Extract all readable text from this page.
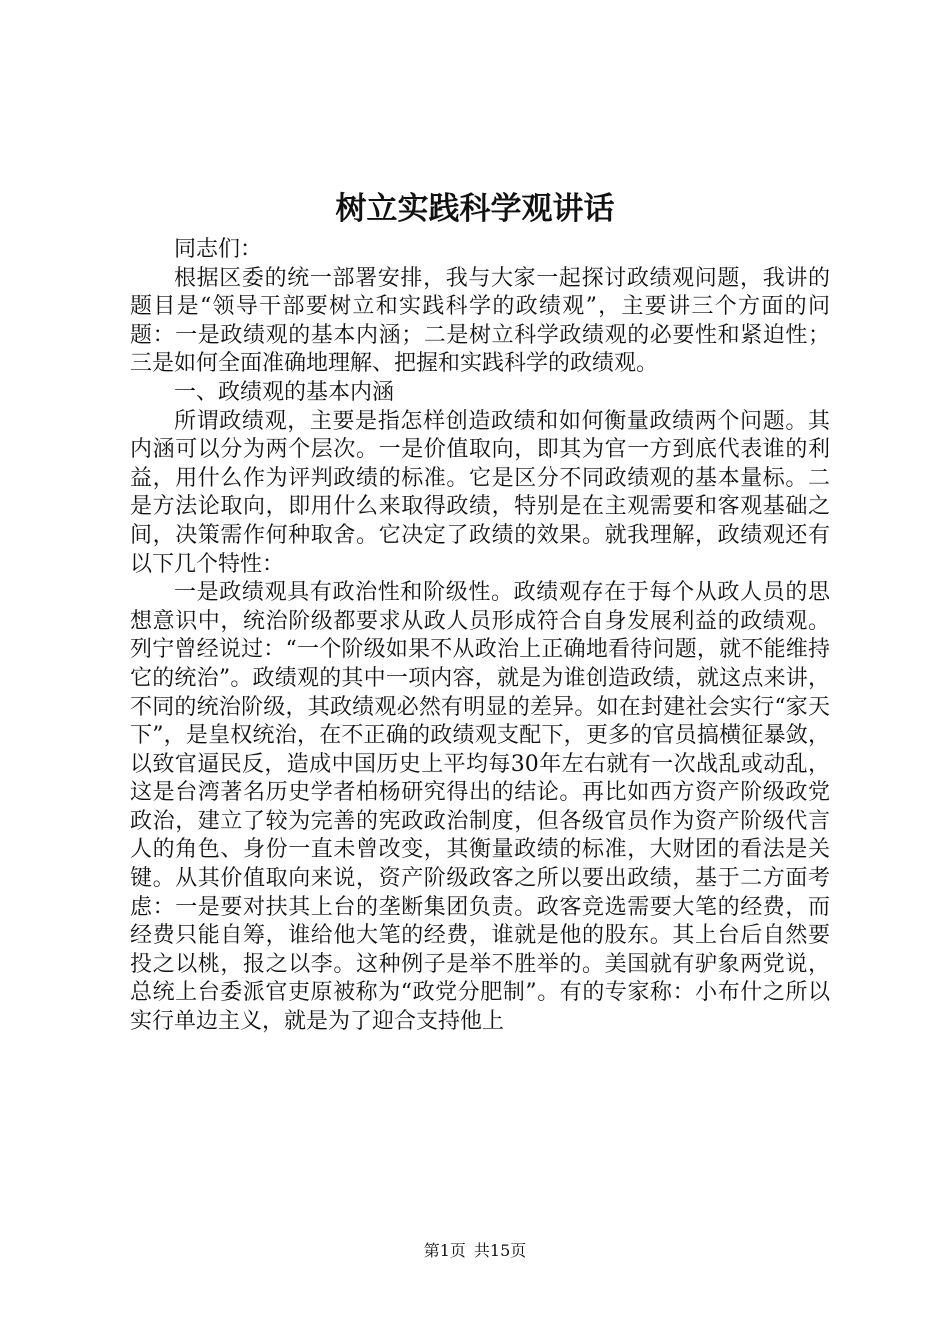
树立实践科学观讲话

同志们：

根据区委的统一部署安排，我与大家一起探讨政绩观问题，我讲的题目是“领导干部要树立和实践科学的政绩观”，主要讲三个方面的问题：一是政绩观的基本内涵；二是树立科学政绩观的必要性和紧迫性；三是如何全面准确地理解、把握和实践科学的政绩观。

一、政绩观的基本内涵

所谓政绩观，主要是指怎样创造政绩和如何衡量政绩两个问题。其内涵可以分为两个层次。一是价值取向，即其为官一方到底代表谁的利益，用什么作为评判政绩的标准。它是区分不同政绩观的基本量标。二是方法论取向，即用什么来取得政绩，特别是在主观需要和客观基础之间，决策需作何种取舍。它决定了政绩的效果。就我理解，政绩观还有以下几个特性：

一是政绩观具有政治性和阶级性。政绩观存在于每个从政人员的思想意识中，统治阶级都要求从政人员形成符合自身发展利益的政绩观。列宁曾经说过：“一个阶级如果不从政治上正确地看待问题，就不能维持它的统治”。政绩观的其中一项内容，就是为谁创造政绩，就这点来讲，不同的统治阶级，其政绩观必然有明显的差异。如在封建社会实行“家天下”，是皇权统治，在不正确的政绩观支配下，更多的官员搞横征暴敛，以致官逼民反，造成中国历史上平均每30年左右就有一次战乱或动乱，这是台湾著名历史学者柏杨研究得出的结论。再比如西方资产阶级政党政治，建立了较为完善的宪政政治制度，但各级官员作为资产阶级代言人的角色、身份一直未曾改变，其衡量政绩的标准，大财团的看法是关键。从其价值取向来说，资产阶级政客之所以要出政绩，基于二方面考虑：一是要对扶其上台的垄断集团负责。政客竞选需要大笔的经费，而经费只能自筹，谁给他大笔的经费，谁就是他的股东。其上台后自然要投之以桃，报之以李。这种例子是举不胜举的。美国就有驴象两党说，总统上台委派官吏原被称为“政党分肥制”。有的专家称：小布什之所以实行单边主义，就是为了迎合支持他上

第1页 共15页
